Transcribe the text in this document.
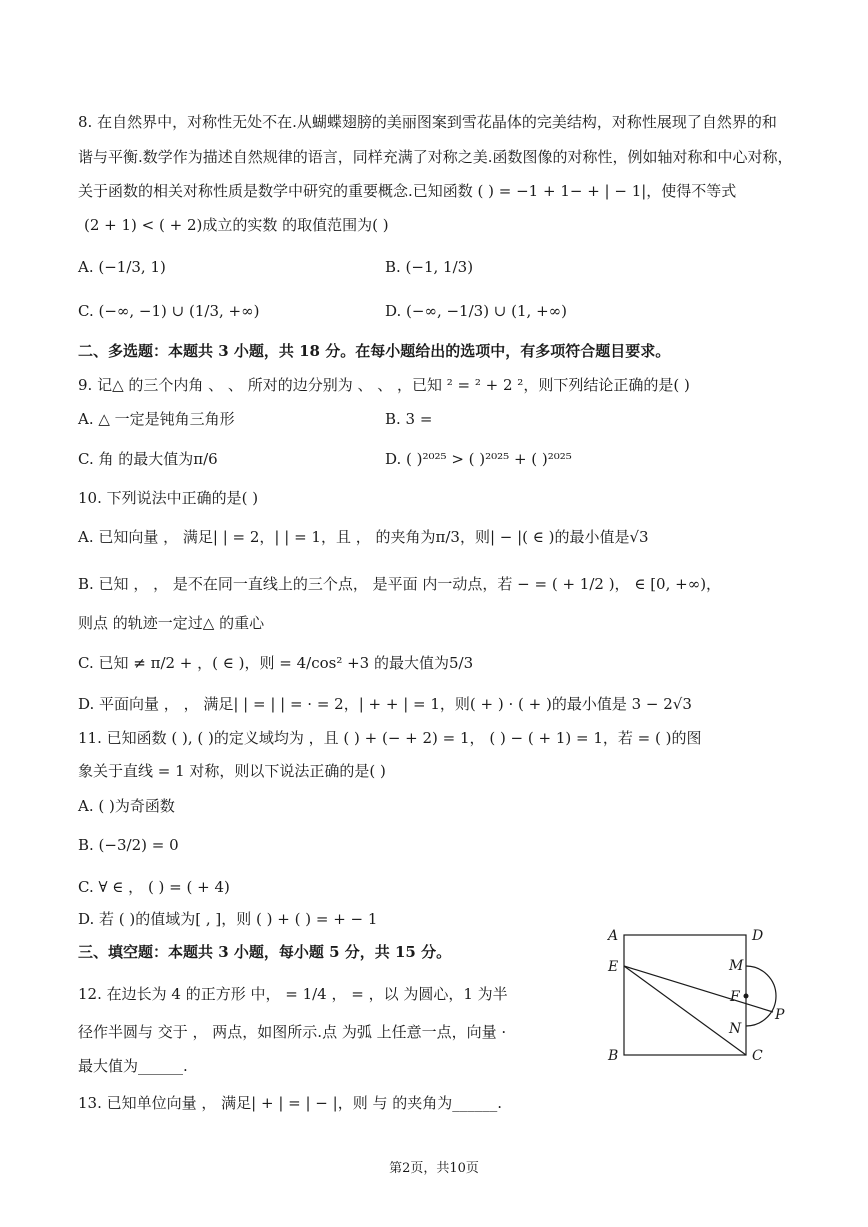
8. 在自然界中，对称性无处不在.从蝴蝶翅膀的美丽图案到雪花晶体的完美结构，对称性展现了自然界的和
谐与平衡.数学作为描述自然规律的语言，同样充满了对称之美.函数图像的对称性，例如轴对称和中心对称，
关于函数的相关对称性质是数学中研究的重要概念.已知函数 ( ) = −1 + 1− + | − 1|，使得不等式
(2 + 1) < ( + 2)成立的实数 的取值范围为( )
A. (−1/3, 1)	B. (−1, 1/3)
C. (−∞, −1) ∪ (1/3, +∞)	D. (−∞, −1/3) ∪ (1, +∞)
二、多选题：本题共 3 小题，共 18 分。在每小题给出的选项中，有多项符合题目要求。
9. 记△ 的三个内角 、 、 所对的边分别为 、 、 ，已知 ² = ² + 2 ²，则下列结论正确的是( )
A. △ 一定是钝角三角形	B. 3 =
C. 角 的最大值为π/6	D. ( )²⁰²⁵ > ( )²⁰²⁵ + ( )²⁰²⁵
10. 下列说法中正确的是( )
A. 已知向量 ， 满足| | = 2，| | = 1，且 ， 的夹角为π/3，则| − |( ∈ )的最小值是√3
B. 已知 ， ， 是不在同一直线上的三个点， 是平面 内一动点，若 − = ( + 1/2 )， ∈ [0, +∞)，
则点 的轨迹一定过△ 的重心
C. 已知 ≠ π/2 + ，( ∈ )，则 = 4/cos² +3 的最大值为5/3
D. 平面向量 ， ， 满足| | = | | = · = 2，| + + | = 1，则( + ) · ( + )的最小值是 3 − 2√3
11. 已知函数 ( ), ( )的定义域均为 ，且 ( ) + (− + 2) = 1， ( ) − ( + 1) = 1，若 = ( )的图
象关于直线 = 1 对称，则以下说法正确的是( )
A. ( )为奇函数
B. (−3/2) = 0
C. ∀ ∈ ， ( ) = ( + 4)
D. 若 ( )的值域为[ , ]，则 ( ) + ( ) = + − 1
三、填空题：本题共 3 小题，每小题 5 分，共 15 分。
12. 在边长为 4 的正方形 中， = 1/4 ， = ，以 为圆心，1 为半
径作半圆与 交于 ， 两点，如图所示.点 为弧 上任意一点，向量 ·
最大值为______.
13. 已知单位向量 ， 满足| + | = | − |，则 与 的夹角为______.
A	D
E	M
F
P
N
B	C
第2页，共10页
